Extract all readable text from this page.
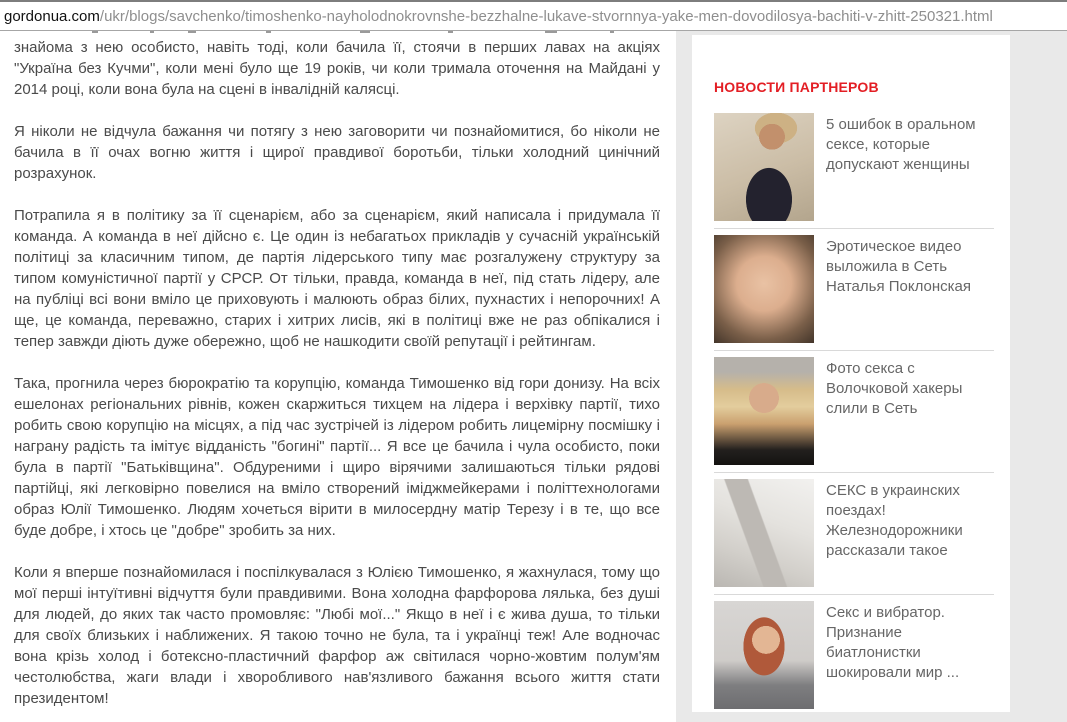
gordonua.com /ukr/blogs/savchenko/timoshenko-nayholodnokrovnshe-bezzhalne-lukave-stvornnya-yake-men-dovodilosya-bachiti-v-zhitt-250321.html

знайома з нею особисто, навіть тоді, коли бачила її, стоячи в перших лавах на акціях "Україна без Кучми", коли мені було ще 19 років, чи коли тримала оточення на Майдані у 2014 році, коли вона була на сцені в інвалідній калясці.

Я ніколи не відчула бажання чи потягу з нею заговорити чи познайомитися, бо ніколи не бачила в її очах вогню життя і щирої правдивої боротьби, тільки холодний цинічний розрахунок.

Потрапила я в політику за її сценарієм, або за сценарієм, який написала і придумала її команда. А команда в неї дійсно є. Це один із небагатьох прикладів у сучасній українській політиці за класичним типом, де партія лідерського типу має розгалужену структуру за типом комуністичної партії у СРСР. От тільки, правда, команда в неї, під стать лідеру, але на публіці всі вони вміло це приховують і малюють образ білих, пухнастих і непорочних! А ще, це команда, переважно, старих і хитрих лисів, які в політиці вже не раз обпікалися і тепер завжди діють дуже обережно, щоб не нашкодити своїй репутації і рейтингам.

Така, прогнила через бюрократію та корупцію, команда Тимошенко від гори донизу. На всіх ешелонах регіональних рівнів, кожен скаржиться тихцем на лідера і верхівку партії, тихо робить свою корупцію на місцях, а під час зустрічей із лідером робить лицемірну посмішку і награну радість та імітує відданість "богині" партії... Я все це бачила і чула особисто, поки була в партії "Батьківщина". Обдуреними і щиро вірячими залишаються тільки рядові партійці, які легковірно повелися на вміло створений іміджмейкерами і політтехнологами образ Юлії Тимошенко. Людям хочеться вірити в милосердну матір Терезу і в те, що все буде добре, і хтось це "добре" зробить за них.

Коли я вперше познайомилася і поспілкувалася з Юлією Тимошенко, я жахнулася, тому що мої перші інтуїтивні відчуття були правдивими. Вона холодна фарфорова лялька, без душі для людей, до яких так часто промовляє: "Любі мої..." Якщо в неї і є жива душа, то тільки для своїх близьких і наближених. Я такою точно не була, та і українці теж! Але водночас вона крізь холод і ботексно-пластичний фарфор аж світилася чорно-жовтим полум'ям честолюбства, жаги влади і хворобливого нав'язливого бажання всього життя стати президентом!

НОВОСТИ ПАРТНЕРОВ
5 ошибок в оральном сексе, которые допускают женщины
Эротическое видео выложила в Сеть Наталья Поклонская
Фото секса с Волочковой хакеры слили в Сеть
СЕКС в украинских поездах! Железнодорожники рассказали такое
Секс и вибратор. Признание биатлонистки шокировали мир ...
